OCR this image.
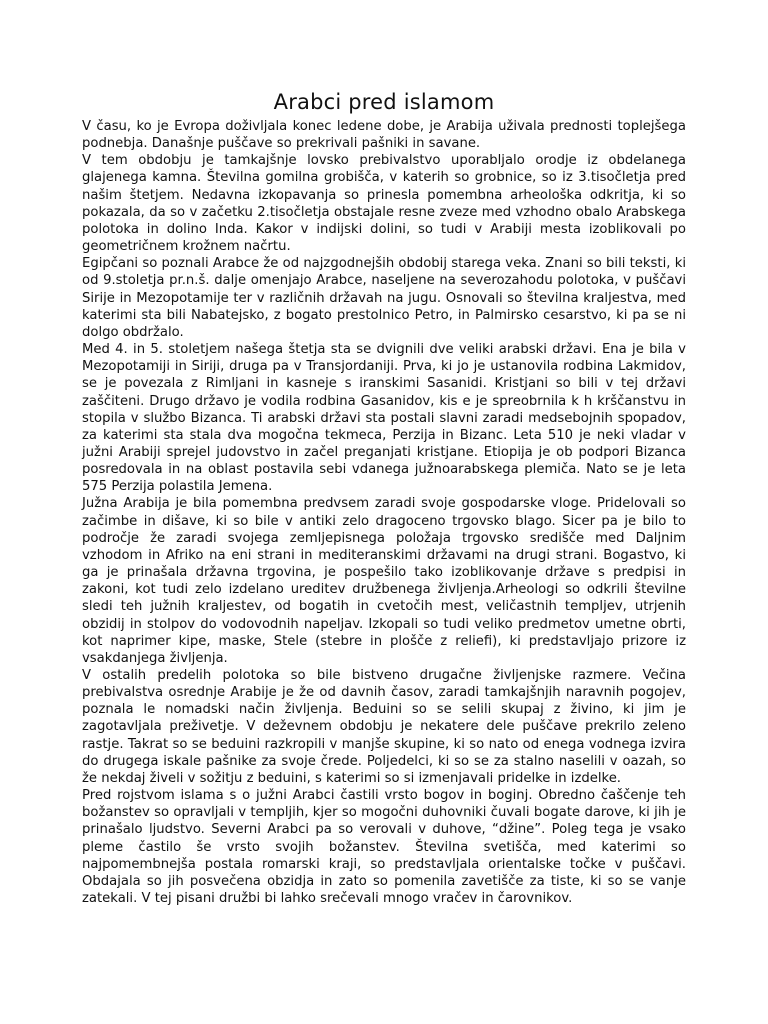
Arabci pred islamom

V času, ko je Evropa doživljala konec ledene dobe, je Arabija uživala prednosti toplejšega podnebja. Današnje puščave so prekrivali pašniki in savane.

V tem obdobju je tamkajšnje lovsko prebivalstvo uporabljalo orodje iz obdelanega glajenega kamna. Številna gomilna grobišča, v katerih so grobnice, so iz 3.tisočletja pred našim štetjem. Nedavna izkopavanja so prinesla pomembna arheološka odkritja, ki so pokazala, da so v začetku 2.tisočletja obstajale resne zveze med vzhodno obalo Arabskega polotoka in dolino Inda. Kakor v indijski dolini, so tudi v Arabiji mesta izoblikovali po geometričnem krožnem načrtu.

Egipčani so poznali Arabce že od najzgodnejših obdobij starega veka. Znani so bili teksti, ki od 9.stoletja pr.n.š. dalje omenjajo Arabce, naseljene na severozahodu polotoka, v puščavi Sirije in Mezopotamije ter v različnih državah na jugu. Osnovali so številna kraljestva, med katerimi sta bili Nabatejsko, z bogato prestolnico Petro, in Palmirsko cesarstvo, ki pa se ni dolgo obdržalo.

Med 4. in 5. stoletjem našega štetja sta se dvignili dve veliki arabski državi. Ena je bila v Mezopotamiji in Siriji, druga pa v Transjordaniji. Prva, ki jo je ustanovila rodbina Lakmidov, se je povezala z Rimljani in kasneje s iranskimi Sasanidi. Kristjani so bili v tej državi zaščiteni. Drugo državo je vodila rodbina Gasanidov, kis e je spreobrnila k h krščanstvu in stopila v službo Bizanca. Ti arabski državi sta postali slavni zaradi medsebojnih spopadov, za katerimi sta stala dva mogočna tekmeca, Perzija in Bizanc. Leta 510 je neki vladar v južni Arabiji sprejel judovstvo in začel preganjati kristjane. Etiopija je ob podpori Bizanca posredovala in na oblast postavila sebi vdanega južnoarabskega plemiča. Nato se je leta 575 Perzija polastila Jemena.

Južna Arabija je bila pomembna predvsem zaradi svoje gospodarske vloge. Pridelovali so začimbe in dišave, ki so bile v antiki zelo dragoceno trgovsko blago. Sicer pa je bilo to področje že zaradi svojega zemljepisnega položaja trgovsko središče med Daljnim vzhodom in Afriko na eni strani in mediteranskimi državami na drugi strani. Bogastvo, ki ga je prinašala državna trgovina, je pospešilo tako izoblikovanje države s predpisi in zakoni, kot tudi zelo izdelano ureditev družbenega življenja.Arheologi so odkrili številne sledi teh južnih kraljestev, od bogatih in cvetočih mest, veličastnih templjev, utrjenih obzidij in stolpov do vodovodnih napeljav. Izkopali so tudi veliko predmetov umetne obrti, kot naprimer kipe, maske, Stele (stebre in plošče z reliefi), ki predstavljajo prizore iz vsakdanjega življenja.

V ostalih predelih polotoka so bile bistveno drugačne življenjske razmere. Večina prebivalstva osrednje Arabije je že od davnih časov, zaradi tamkajšnjih naravnih pogojev, poznala le nomadski način življenja. Beduini so se selili skupaj z živino, ki jim je zagotavljala preživetje. V deževnem obdobju je nekatere dele puščave prekrilo zeleno rastje. Takrat so se beduini razkropili v manjše skupine, ki so nato od enega vodnega izvira do drugega iskale pašnike za svoje črede. Poljedelci, ki so se za stalno naselili v oazah, so že nekdaj živeli v sožitju z beduini, s katerimi so si izmenjavali pridelke in izdelke.

Pred rojstvom islama s o južni Arabci častili vrsto bogov in boginj. Obredno čaščenje teh božanstev so opravljali v templjih, kjer so mogočni duhovniki čuvali bogate darove, ki jih je prinašalo ljudstvo. Severni Arabci pa so verovali v duhove, “džine”. Poleg tega je vsako pleme častilo še vrsto svojih božanstev. Številna svetišča, med katerimi so najpomembnejša postala romarski kraji, so predstavljala orientalske točke v puščavi. Obdajala so jih posvečena obzidja in zato so pomenila zavetišče za tiste, ki so se vanje zatekali. V tej pisani družbi bi lahko srečevali mnogo vračev in čarovnikov.
